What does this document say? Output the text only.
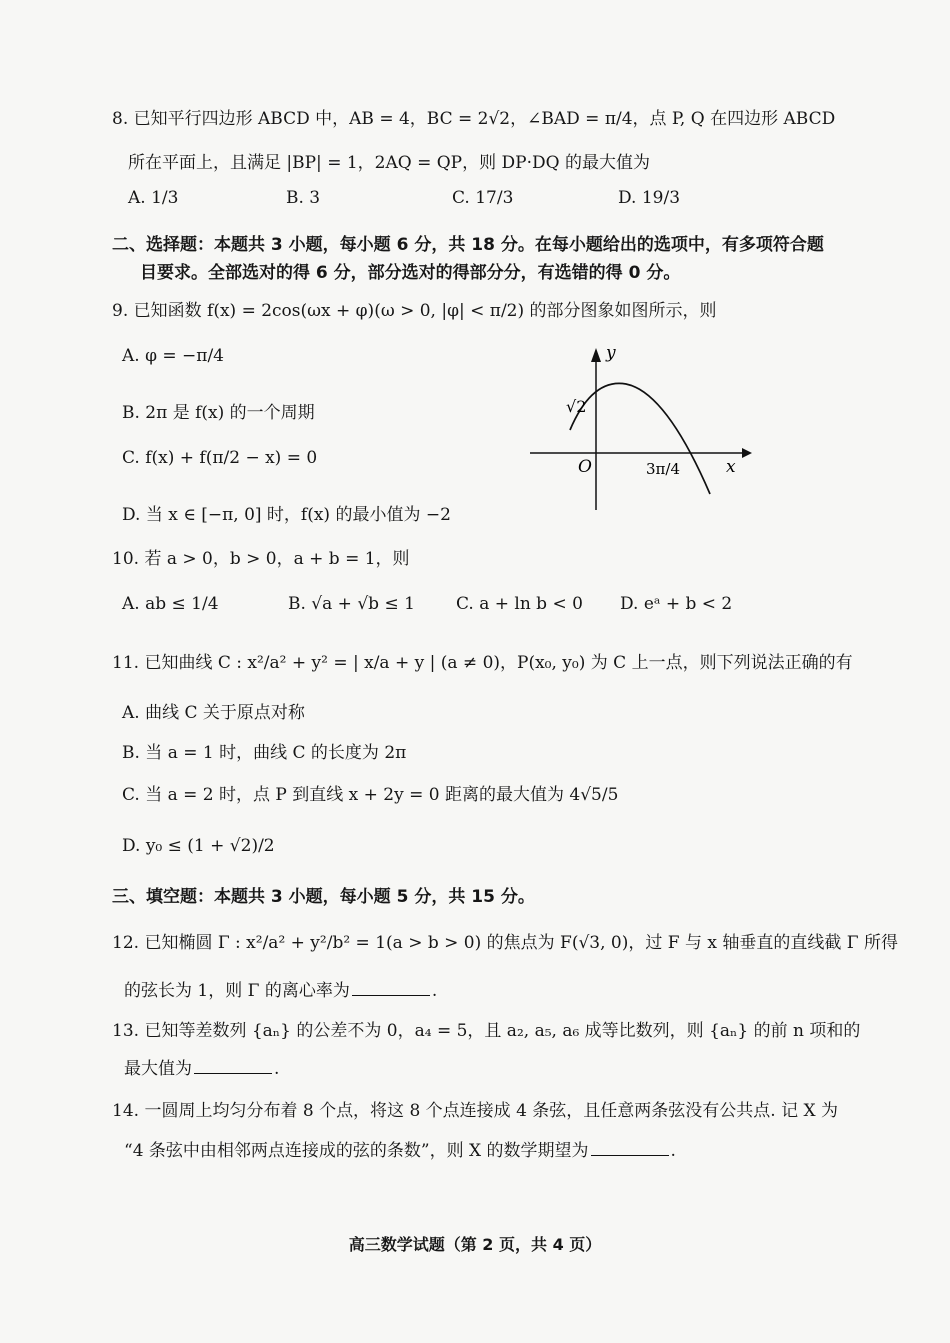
8. 已知平行四边形 ABCD 中，AB = 4，BC = 2√2，∠BAD = π/4，点 P, Q 在四边形 ABCD
所在平面上，且满足 |BP| = 1，2AQ = QP，则 DP·DQ 的最大值为
A. 1/3	B. 3	C. 17/3	D. 19/3
二、选择题：本题共 3 小题，每小题 6 分，共 18 分。在每小题给出的选项中，有多项符合题
目要求。全部选对的得 6 分，部分选对的得部分分，有选错的得 0 分。
9. 已知函数 f(x) = 2cos(ωx + φ)(ω > 0, |φ| < π/2) 的部分图象如图所示，则
A. φ = −π/4
B. 2π 是 f(x) 的一个周期
C. f(x) + f(π/2 − x) = 0
D. 当 x ∈ [−π, 0] 时，f(x) 的最小值为 −2
y
x
O
√2
3π/4
10. 若 a > 0，b > 0，a + b = 1，则
A. ab ≤ 1/4	B. √a + √b ≤ 1 C. a + ln b < 0 D. eᵃ + b < 2
11. 已知曲线 C : x²/a² + y² = | x/a + y | (a ≠ 0)，P(x₀, y₀) 为 C 上一点，则下列说法正确的有
A. 曲线 C 关于原点对称
B. 当 a = 1 时，曲线 C 的长度为 2π
C. 当 a = 2 时，点 P 到直线 x + 2y = 0 距离的最大值为 4√5/5
D. y₀ ≤ (1 + √2)/2
三、填空题：本题共 3 小题，每小题 5 分，共 15 分。
12. 已知椭圆 Γ : x²/a² + y²/b² = 1(a > b > 0) 的焦点为 F(√3, 0)，过 F 与 x 轴垂直的直线截 Γ 所得
的弦长为 1，则 Γ 的离心率为	.
13. 已知等差数列 {aₙ} 的公差不为 0，a₄ = 5，且 a₂, a₅, a₆ 成等比数列，则 {aₙ} 的前 n 项和的
最大值为	.
14. 一圆周上均匀分布着 8 个点，将这 8 个点连接成 4 条弦，且任意两条弦没有公共点. 记 X 为
“4 条弦中由相邻两点连接成的弦的条数”，则 X 的数学期望为	.
高三数学试题（第 2 页，共 4 页）
